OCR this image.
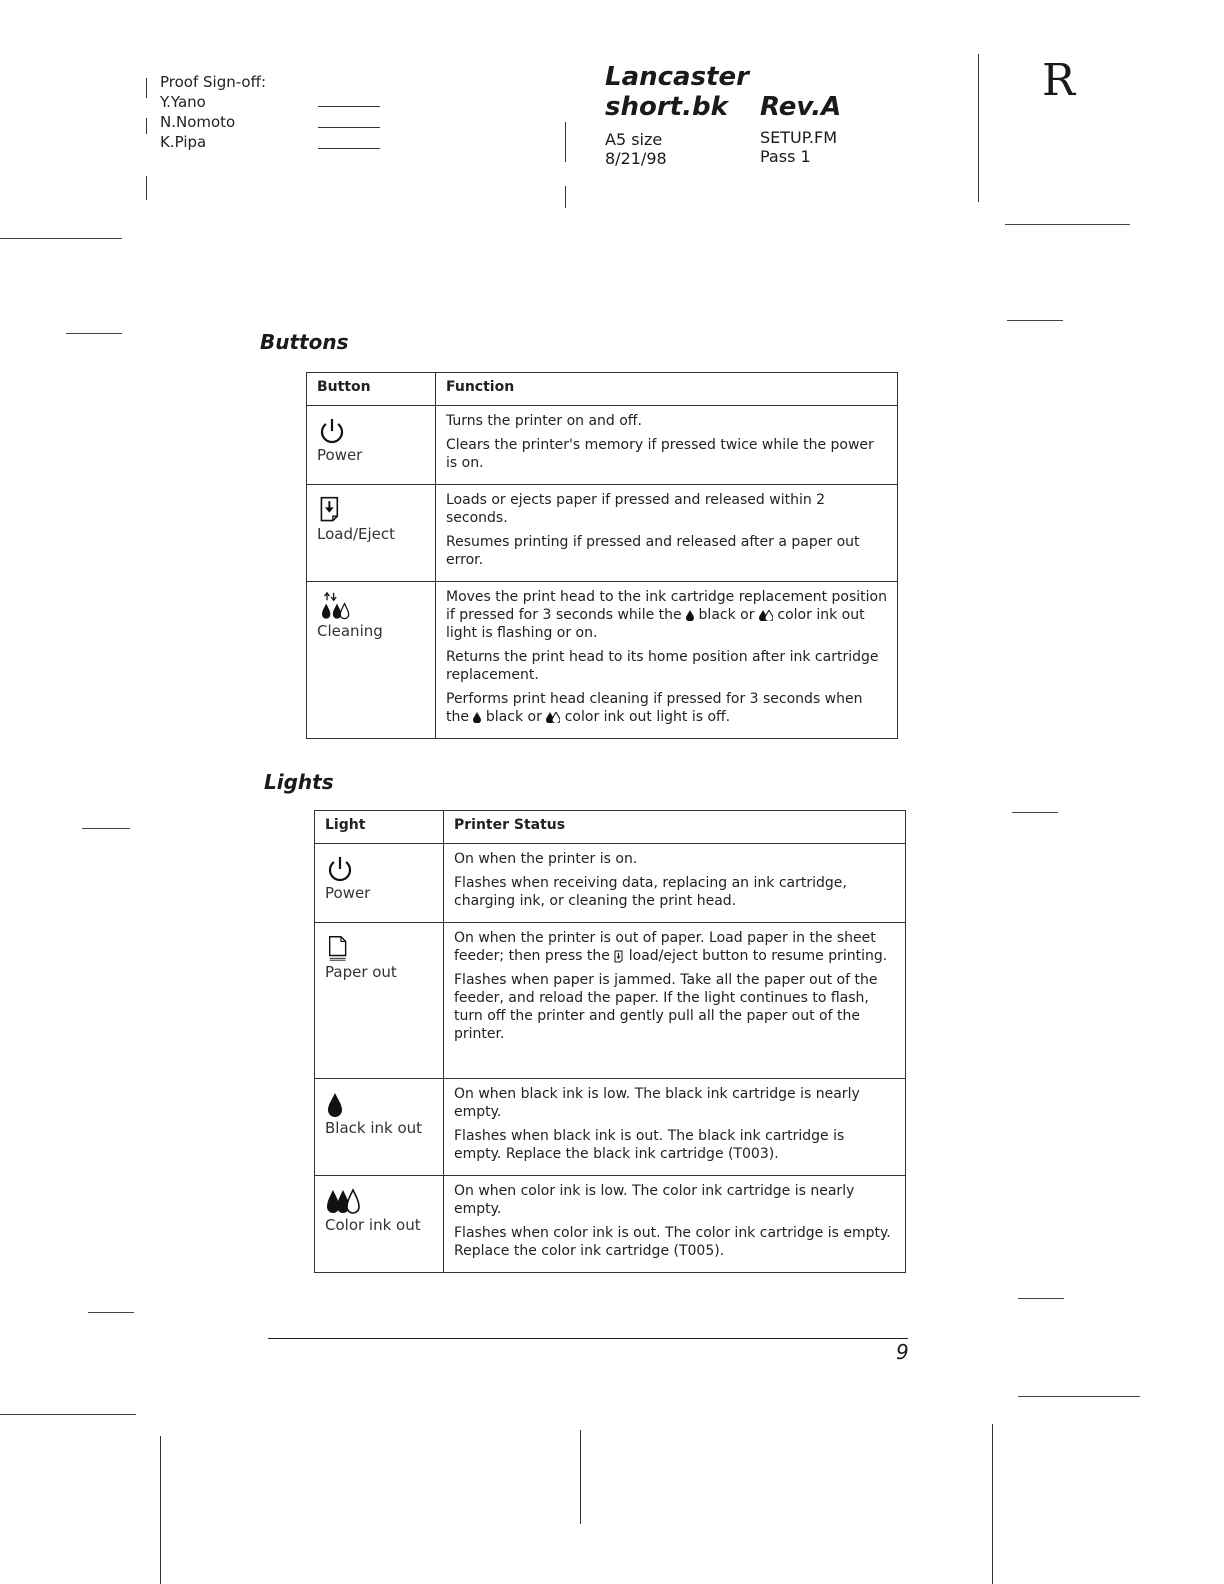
Proof Sign-off:
Y.Yano
N.Nomoto
K.Pipa
Lancaster
short.bk	Rev.A
A5 size
8/21/98
SETUP.FM
Pass 1
R
Buttons
Button	Function

Power	Turns the printer on and off.

Clears the printer's memory if pressed twice while the power is on.

Load/Eject	Loads or ejects paper if pressed and released within 2 seconds.

Resumes printing if pressed and released after a paper out error.

Cleaning	Moves the print head to the ink cartridge replacement position if pressed for 3 seconds while the black or color ink out light is flashing or on.

Returns the print head to its home position after ink cartridge replacement.

Performs print head cleaning if pressed for 3 seconds when the black or color ink out light is off.

Lights
Light	Printer Status

Power	On when the printer is on.

Flashes when receiving data, replacing an ink cartridge, charging ink, or cleaning the print head.

Paper out	On when the printer is out of paper. Load paper in the sheet feeder; then press the load/eject button to resume printing.

Flashes when paper is jammed. Take all the paper out of the feeder, and reload the paper. If the light continues to flash, turn off the printer and gently pull all the paper out of the printer.

Black ink out	On when black ink is low. The black ink cartridge is nearly empty.

Flashes when black ink is out. The black ink cartridge is empty. Replace the black ink cartridge (T003).

Color ink out	On when color ink is low. The color ink cartridge is nearly empty.

Flashes when color ink is out. The color ink cartridge is empty. Replace the color ink cartridge (T005).

9
